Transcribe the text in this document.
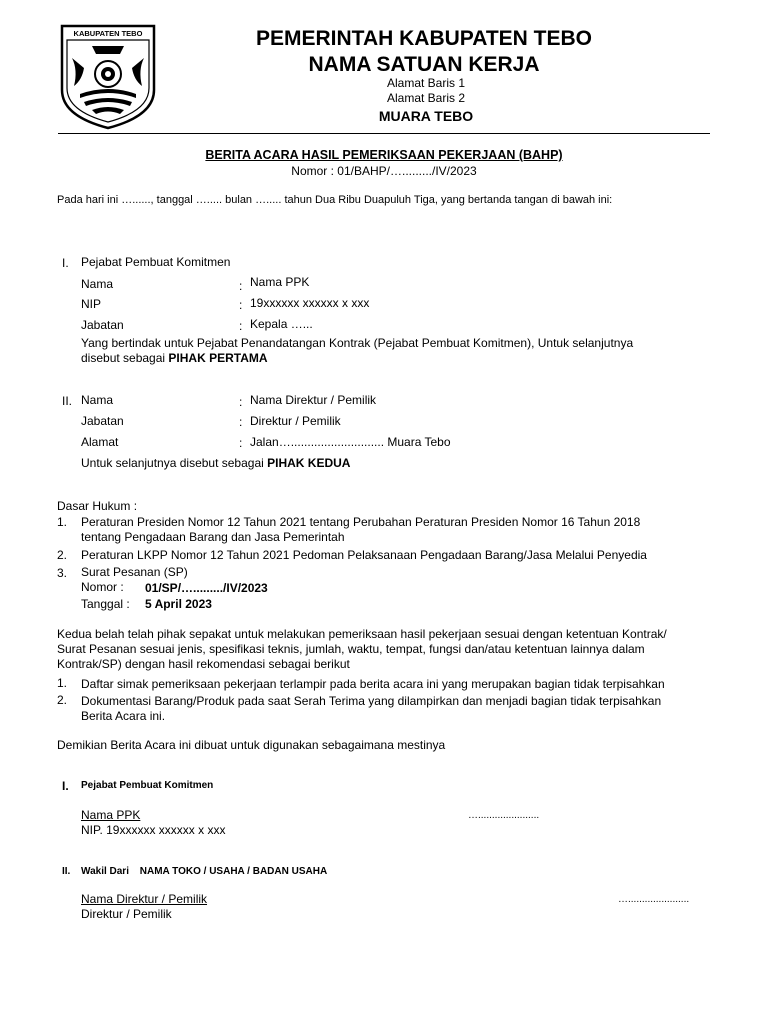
KABUPATEN TEBO	PEMERINTAH KABUPATEN TEBO
NAMA SATUAN KERJA
Alamat Baris 1
Alamat Baris 2
MUARA TEBO
BERITA ACARA HASIL PEMERIKSAAN PEKERJAAN (BAHP)
Nomor : 01/BAHP/…........./IV/2023
Pada hari ini …......, tanggal …..... bulan …..... tahun Dua Ribu Duapuluh Tiga, yang bertanda tangan di bawah ini:
I. Pejabat Pembuat Komitmen
Nama	: Nama PPK
NIP	: 19xxxxxx xxxxxx x xxx
Jabatan	: Kepala …...
Yang bertindak untuk Pejabat Penandatangan Kontrak (Pejabat Pembuat Komitmen), Untuk selanjutnya
disebut sebagai PIHAK PERTAMA
II. Nama	: Nama Direktur / Pemilik
Jabatan	: Direktur / Pemilik
Alamat	: Jalan…............................ Muara Tebo
Untuk selanjutnya disebut sebagai PIHAK KEDUA
Dasar Hukum :
1. Peraturan Presiden Nomor 12 Tahun 2021 tentang Perubahan Peraturan Presiden Nomor 16 Tahun 2018
tentang Pengadaan Barang dan Jasa Pemerintah
2. Peraturan LKPP Nomor 12 Tahun 2021 Pedoman Pelaksanaan Pengadaan Barang/Jasa Melalui Penyedia
3. Surat Pesanan (SP)
Nomor : 01/SP/…........./IV/2023
Tanggal : 5 April 2023
Kedua belah telah pihak sepakat untuk melakukan pemeriksaan hasil pekerjaan sesuai dengan ketentuan Kontrak/
Surat Pesanan sesuai jenis, spesifikasi teknis, jumlah, waktu, tempat, fungsi dan/atau ketentuan lainnya dalam
Kontrak/SP) dengan hasil rekomendasi sebagai berikut
1. Daftar simak pemeriksaan pekerjaan terlampir pada berita acara ini yang merupakan bagian tidak terpisahkan
2. Dokumentasi Barang/Produk pada saat Serah Terima yang dilampirkan dan menjadi bagian tidak terpisahkan
Berita Acara ini.
Demikian Berita Acara ini dibuat untuk digunakan sebagaimana mestinya
I. Pejabat Pembuat Komitmen
Nama PPK	…......................
NIP. 19xxxxxx xxxxxx x xxx
II. Wakil Dari NAMA TOKO / USAHA / BADAN USAHA
Nama Direktur / Pemilik	…......................
Direktur / Pemilik
